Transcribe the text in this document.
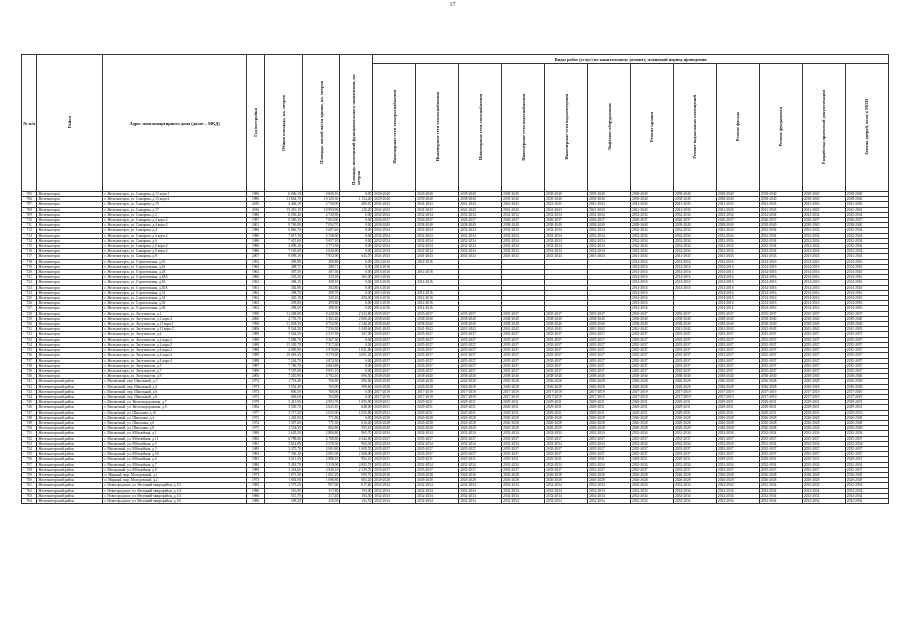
17
№ п/п	Район	Адрес многоквартирного дома (далее – МКД)	Год постройки	Общая площадь, кв. метров	Площадь жилой части здания, кв. метров	Площадь помещений функционального назначения, кв. метров	Виды работ (услуг) по капитальному ремонту, плановый период проведения											
							Инженерные сети электроснабжения	Инженерные сети теплоснабжения	Инженерные сети газоснабжения	Инженерные сети водоснабжения	Инженерные сети водоотведения	Лифтовое оборудование	Ремонт крыши	Ремонт подвальных помещений	Ремонт фасада	Ремонт фундамента	Разработка проектной документации	Замена дверей, окон в МОП
705	Железногорск	г. Железногорск, ул. Самарова, д.13 корп.1	1986	6 846,10	6 846,10	0,00	2026-2040	2026-2040	2038-2040	2038-2040	2038-2040	2038-2040	2038-2040	2038-2040	2038-2040	2038-2040	2038-2040	2038-2040
706	Железногорск	г. Железногорск, ул. Самарова, д.13 корп.2	1986	11 664,70	10 120,30	1 134,40	2029-2040	2039-2040	2038-2040	2039-2040	2039-2040	2039-2040	2039-2040	2038-2040	2038-2040	2038-2040	2038-2040	2038-2040
707	Железногорск	г. Железногорск, ул. Самарова, д.15	2010	4 446,10	2 730,00	409,10	2041-2043	2041-2043	2041-2043	2041-2043	2041-2043	2041-2043	2041-2043	2041-2043	2041-2043	2041-2043	2041-2043	2041-2043
708	Железногорск	г. Железногорск, ул. Самарова, д.17	2016	15 410,10	10 994,90	136,20	2041-2043	2041-2043	2041-2043	2041-2043	2041-2043	2041-2043	2041-2043	2041-2043	2041-2043	2041-2043	2041-2043	2041-2043
709	Железногорск	г. Железногорск, ул. Самарова, д.2	1986	6 056,40	4 720,90	0,00	2032-2034	2032-2034	2032-2034	2032-2034	2032-2034	2032-2034	2032-2034	2032-2034	2032-2034	2032-2034	2032-2034	2032-2034
710	Железногорск	г. Железногорск, ул. Самарова, д.2 корп.2	1987	9 580,20	7 064,00	0,00	2026-2037	2026-2037	2026-2037	2026-2037	2026-2037	2026-2037	2026-2037	2026-2037	2026-2037	2026-2037	2026-2037	2026-2037
711	Железногорск	г. Железногорск, ул. Самарова, д.4 корп.3	2001	9 769,80	7 092,70	0,00	2038-2040	2038-2040	2038-2040	2038-2040	2038-2040	2038-2040	2038-2040	2038-2040	2038-2040	2038-2040	2038-2040	2038-2040
712	Железногорск	г. Железногорск, ул. Самарова, д.4	1986	6 866,70	5 687,40	0,00	2032-2034	2032-2034	2032-2034	2032-2034	2032-2034	2032-2034	2032-2034	2032-2034	2032-2034	2032-2034	2032-2034	2032-2034
713	Железногорск	г. Железногорск, ул. Самарова, д.4 корп.2	1986	7 017,10	5 748,60	0,00	2032-2034	2032-2034	2032-2034	2032-2034	2032-2034	2032-2034	2032-2034	2032-2034	2032-2034	2032-2034	2032-2034	2032-2034
714	Железногорск	г. Железногорск, ул. Самарова, д.6	1986	7 415,60	5 657,10	0,00	2032-2034	2032-2034	2032-2034	2032-2034	2032-2034	2032-2034	2032-2034	2032-2034	2032-2034	2032-2034	2032-2034	2032-2034
715	Железногорск	г. Железногорск, ул. Самарова, д.6 корп.2	1986	4 009,10	3 773,50	0,00	2032-2034	2032-2034	2032-2034	2032-2034	2032-2034	2032-2034	2032-2034	2032-2034	2032-2034	2032-2034	2032-2034	2032-2034
716	Железногорск	г. Железногорск, ул. Самарова, д.8 корп.2	1986	7 165,00	5 620,60	0,00	2032-2034	2032-2034	2032-2034	2032-2034	2032-2034	2032-2034	2032-2034	2032-2034	2032-2034	2032-2034	2032-2034	2032-2034
717	Железногорск	г. Железногорск, ул. Самарова, д.9	2007	9 699,10	7 932,90	643,70	2041-2043	2041-2043	2041-2043	2041-2043	2041-2043	2041-2043	2041-2043	2041-2043	2041-2043	2041-2043	2041-2043	2041-2043
718	Железногорск	г. Железногорск, ул. Строительная, д.3б	1962	299,80	299,80	0,00	2014-2016	2014-2016					2014-2016	2014-2016	2014-2016	2014-2016	2014-2016	2014-2016
719	Железногорск	г. Железногорск, ул. Строительная, д.26	1960	288,71	288,71	0,00	2014-2016						2014-2016	2014-2016	2014-2016	2014-2016	2014-2016	2014-2016
720	Железногорск	г. Железногорск, ул. Строительная, д.28	1962	307,30	307,30	0,00	2014-2016	2014-2016					2014-2016	2014-2016	2014-2016	2014-2016	2014-2016	2014-2016
721	Железногорск	г. Железногорск, ул. Строительная, д.28А	1960	323,30	323,30	165,00	2014-2016						2014-2016	2014-2016	2014-2016	2014-2016	2014-2016	2014-2016
722	Железногорск	г. Железногорск, ул. Строительная, д.30	1962	308,10	308,10	0,00	2014-2016	2014-2016					2014-2016	2014-2016	2014-2016	2014-2016	2014-2016	2014-2016
723	Железногорск	г. Железногорск, ул. Строительная, д.30А	1961	302,80	302,80	0,00	2014-2016						2014-2016	2014-2016	2014-2016	2014-2016	2014-2016	2014-2016
724	Железногорск	г. Железногорск, ул. Строительная, д.32	1962	298,70	298,70	0,00	2014-2016	2014-2016					2014-2016		2014-2016	2014-2016	2014-2016	2014-2016
725	Железногорск	г. Железногорск, ул. Строительная, д.34	1962	320,10	320,10	256,00	2014-2016	2014-2016					2014-2016		2014-2016	2014-2016	2014-2016	2014-2016
726	Железногорск	г. Железногорск, ул. Строительная, д.36	1962	299,80	299,80	0,00	2014-2016	2014-2016					2014-2016		2014-2016	2014-2016	2014-2016	2014-2016
727	Железногорск	г. Железногорск, ул. Строительная, д.38	1962	298,50	298,50	0,00	2014-2016	2014-2016					2014-2016		2014-2016	2014-2016	2014-2016	2014-2016
728	Железногорск	г. Железногорск, ул. Энтузиастов, д.1	1990	11 268,80	8 228,90	2 333,80	2035-2037	2035-2037	2035-2037	2035-2037	2035-2037	2035-2037	2035-2037	2035-2037	2035-2037	2035-2037	2035-2037	2035-2037
729	Железногорск	г. Железногорск, ул. Энтузиастов, д.1 корп.2	2000	4 753,70	3 365,40	2 068,40	2038-2040	2038-2040	2038-2040	2038-2040	2038-2040	2038-2040	2038-2040	2038-2040	2038-2040	2038-2040	2038-2040	2038-2040
730	Железногорск	г. Железногорск, ул. Энтузиастов, д.11 корп.1	1996	11 028,30	8 752,90	2 146,40	2038-2040	2038-2040	2038-2040	2038-2040	2038-2040	2038-2040	2038-2040	2038-2040	2038-2040	2038-2040	2038-2040	2038-2040
731	Железногорск	г. Железногорск, ул. Энтузиастов, д.11 корп.2	2006	9 544,50	7 556,30	1 048,60	2041-2043	2041-2043	2041-2043	2041-2043	2041-2043	2041-2043	2041-2043	2041-2043	2041-2043	2041-2043	2041-2043	2041-2043
732	Железногорск	г. Железногорск, ул. Энтузиастов, д.2	1989	3 034,50	2 537,30	107,00	2035-2037	2035-2037	2035-2037	2035-2037	2035-2037	2035-2037	2035-2037	2035-2037	2035-2037	2035-2037	2035-2037	2035-2037
733	Железногорск	г. Железногорск, ул. Энтузиастов, д.2 корп.2	1989	7 088,70	5 567,30	0,00	2035-2037	2035-2037	2035-2037	2035-2037	2035-2037	2035-2037	2035-2037	2035-2037	2035-2037	2035-2037	2035-2037	2035-2037
734	Железногорск	г. Железногорск, ул. Энтузиастов, д.2 корп.3	1988	13 305,70	7 517,60	0,00	2035-2037	2035-2037	2035-2037	2035-2037	2035-2037	2035-2037	2035-2037	2035-2037	2035-2037	2035-2037	2035-2037	2035-2037
735	Железногорск	г. Железногорск, ул. Энтузиастов, д.4 корп.2	1988	4 985,90	3 978,80	1 041,80	2035-2037	2035-2037	2035-2037	2035-2037	2035-2037	2035-2037	2035-2037	2035-2037	2035-2037	2035-2037	2035-2037	2035-2037
736	Железногорск	г. Железногорск, ул. Энтузиастов, д.4 корп.3	1989	19 063,30	9 370,60	3 091,20	2035-2037	2035-2037	2035-2037	2035-2037	2035-2037	2035-2037	2035-2037	2035-2037	2035-2037	2035-2037	2035-2037	2035-2037
737	Железногорск	г. Железногорск, ул. Энтузиастов, д.4 корп.4	1988	7 244,70	4 874,30	0,00	2035-2037	2035-2037	2035-2037	2035-2037	2035-2037	2035-2037	2035-2037	2035-2037	2035-2037	2035-2037	2035-2037	2035-2037
738	Железногорск	г. Железногорск, ул. Энтузиастов, д.5	1987	7 786,70	4 663,80	0,00	2035-2037	2035-2037	2035-2037	2035-2037	2035-2037	2035-2037	2035-2037	2035-2037	2035-2037	2035-2037	2035-2037	2035-2037
739	Железногорск	г. Железногорск, ул. Энтузиастов, д.7	1989	7 187,60	5 851,10	0,00	2035-2037	2035-2037	2035-2037	2035-2037	2035-2037	2035-2037	2035-2037	2035-2037	2035-2037	2035-2037	2035-2037	2035-2037
740	Железногорск	г. Железногорск, ул. Энтузиастов, д.9	2006	7 210,90	4 792,10	696,50	2038-2040	2038-2040	2038-2040	2038-2040	2038-2040	2038-2040	2038-2040	2038-2040	2038-2040	2038-2040	2038-2040	2038-2040
741	Железногорский район	г. Магнитный, пер. Школьный, д.1	1974	1 753,40	766,80	586,60	2026-2028	2026-2028	2026-2028	2026-2028	2026-2028	2026-2028	2026-2028	2026-2028	2026-2028	2026-2028	2026-2028	2026-2028
742	Железногорский район	г. Магнитный, пер. Школьный, д.4	1973	1 552,40	765,00	589,60	2026-2028	2026-2028	2026-2028	2026-2028	2026-2028	2026-2028	2026-2028	2026-2028	2026-2028	2026-2028	2026-2028	2026-2028
743	Железногорский район	г. Магнитный, пер. Школьный, д.6	1973	806,50	766,90	0,00	2017-2019	2017-2019	2017-2019	2017-2019	2017-2019	2017-2019	2017-2019	2017-2019	2017-2019	2017-2019	2017-2019	2017-2019
744	Железногорский район	г. Магнитный, пер. Школьный, д.8	1973	849,60	764,80	0,00	2017-2019	2017-2019	2017-2019	2017-2019	2017-2019	2017-2019	2017-2019	2017-2019	2017-2019	2017-2019	2017-2019	2017-2019
745	Железногорский район	г. Магнитный, ул. Железнодорожная, д.7	1979	3 415,90	2 992,70	1 095,90	2029-2031	2029-2031	2029-2031	2029-2031	2029-2031	2029-2031	2029-2031	2029-2031	2029-2031	2029-2031	2029-2031	2029-2031
746	Железногорский район	г. Магнитный, ул. Железнодорожная, д.9	1984	3 549,70	2 625,10	648,00	2029-2031	2029-2031	2029-2031	2029-2031	2029-2031	2029-2031	2029-2031	2029-2031	2029-2031	2029-2031	2029-2031	2029-2031
747	Железногорский район	г. Магнитный, ул. Школьная, д.10	1977	3 717,50	2 925,90	1 035,80	2029-2031	2029-2031	2029-2031	2029-2031	2029-2031	2029-2031	2029-2031	2029-2031	2029-2031	2029-2031	2029-2031	2029-2031
748	Железногорский район	г. Магнитный, ул. Школьная, д.4	1975	1 282,80	771,80	0,00	2026-2028	2026-2028	2026-2028	2026-2028	2026-2028	2026-2028	2026-2028	2026-2028	2026-2028	2026-2028	2026-2028	2026-2028
749	Железногорский район	г. Магнитный, ул. Школьная, д.6	1974	1 307,60	771,30	616,40	2026-2028	2026-2028	2026-2028	2026-2028	2026-2028	2026-2028	2026-2028	2026-2028	2026-2028	2026-2028	2026-2028	2026-2028
750	Железногорский район	г. Магнитный, ул. Школьная, д.8	1975	1 534,30	802,80	555,10	2026-2028	2026-2028	2026-2028	2026-2028	2026-2028	2026-2028	2026-2028	2026-2028	2026-2028	2026-2028	2026-2028	2026-2028
751	Железногорский район	г. Магнитный, ул. Юбилейная, д.1	1980	3 645,20	2 886,80	965,70	2032-2034	2032-2034	2032-2034	2032-2034	2032-2034	2032-2034	2032-2034	2032-2034	2032-2034	2032-2034	2032-2034	2032-2034
752	Железногорский район	г. Магнитный, ул. Юбилейная, д.11	1982	6 798,60	4 708,80	2 342,80	2035-2037	2035-2037	2035-2037	2035-2037	2035-2037	2035-2037	2035-2037	2035-2037	2035-2037	2035-2037	2035-2037	2035-2037
753	Железногорский район	г. Магнитный, ул. Юбилейная, д.3	1981	3 614,80	2 578,50	904,30	2032-2034	2032-2034	2032-2034	2032-2034	2032-2034	2032-2034	2032-2034	2032-2034	2032-2034	2032-2034	2032-2034	2032-2034
754	Железногорский район	г. Магнитный, ул. Юбилейная, д.5	1985	3 375,70	2 965,80	1 009,70	2035-2037	2035-2037	2035-2037	2035-2037	2035-2037	2035-2037	2035-2037	2035-2037	2035-2037	2035-2037	2035-2037	2035-2037
755	Железногорский район	г. Магнитный, ул. Юбилейная, д.5А	1994	7 349,10	4 691,00	2 368,00	2035-2037	2035-2037	2035-2037	2035-2037	2035-2037	2035-2037	2035-2037	2035-2037	2035-2037	2035-2037	2035-2037	2035-2037
756	Железногорский район	г. Магнитный, ул. Юбилейная, д.6	1981	3 611,50	2 888,10	992,10	2029-2031	2029-2031	2029-2031	2029-2031	2029-2031	2029-2031	2029-2031	2029-2031	2029-2031	2029-2031	2029-2031	2029-2031
757	Железногорский район	г. Магнитный, ул. Юбилейная, д.7	1986	5 418,70	3 318,00	2 092,70	2032-2034	2032-2034	2032-2034	2032-2034	2032-2034	2032-2034	2032-2034	2032-2034	2032-2034	2032-2034	2032-2034	2032-2034
758	Железногорский район	г. Магнитный, ул. Юбилейная, д.9	1989	5 454,60	3 948,10	2 129,70	2035-2037	2035-2037	2035-2037	2035-2037	2035-2037	2035-2037	2035-2037	2035-2037	2035-2037	2035-2037	2035-2037	2035-2037
759	Железногорский район	п. Mирный, мкр. Молодежный, д.1	1973	1 671,90	1 092,20	589,70	2026-2028	2026-2028	2026-2028	2026-2028	2026-2028	2026-2028	2026-2028	2026-2028	2026-2028	2026-2028	2026-2028	2026-2028
760	Железногорский район	п. Mирный, мкр. Молодежный, д.2	1973	1 692,00	1 088,80	603,20	2026-2028	2026-2028	2026-2028	2026-2028	2026-2028	2026-2028	2026-2028	2026-2028	2026-2028	2026-2028	2026-2028	2026-2028
761	Железногорский район	г. Новогородское, ул. Весенний микрорайон, д.1/3	1985	1 575,20	957,00	617,60	2032-2034	2032-2034	2032-2034	2032-2034	2032-2034	2032-2034	2032-2034	2032-2034	2032-2034	2032-2034	2032-2034	2032-2034
762	Железногорский район	г. Новогородское, ул. Весенний микрорайон, д.1/4	1986	510,90	317,80	193,00	2032-2034	2032-2034	2032-2034	2032-2034	2032-2034	2032-2034	2032-2034	2032-2034	2032-2034	2032-2034	2032-2034	2032-2034
763	Железногорский район	г. Новогородское, ул. Весенний микрорайон, д.1/5	1986	511,70	317,40	194,30	2032-2034	2032-2034	2032-2034	2032-2034	2032-2034	2032-2034	2032-2034	2032-2034	2032-2034	2032-2034	2032-2034	2032-2034
764	Железногорский район	г. Новогородское, ул. Весенний микрорайон, д.1/6	1986	509,20	316,50	192,70	2032-2034	2032-2034	2032-2034	2032-2034	2032-2034	2032-2034	2032-2034	2032-2034	2032-2034	2032-2034	2032-2034	2032-2034
